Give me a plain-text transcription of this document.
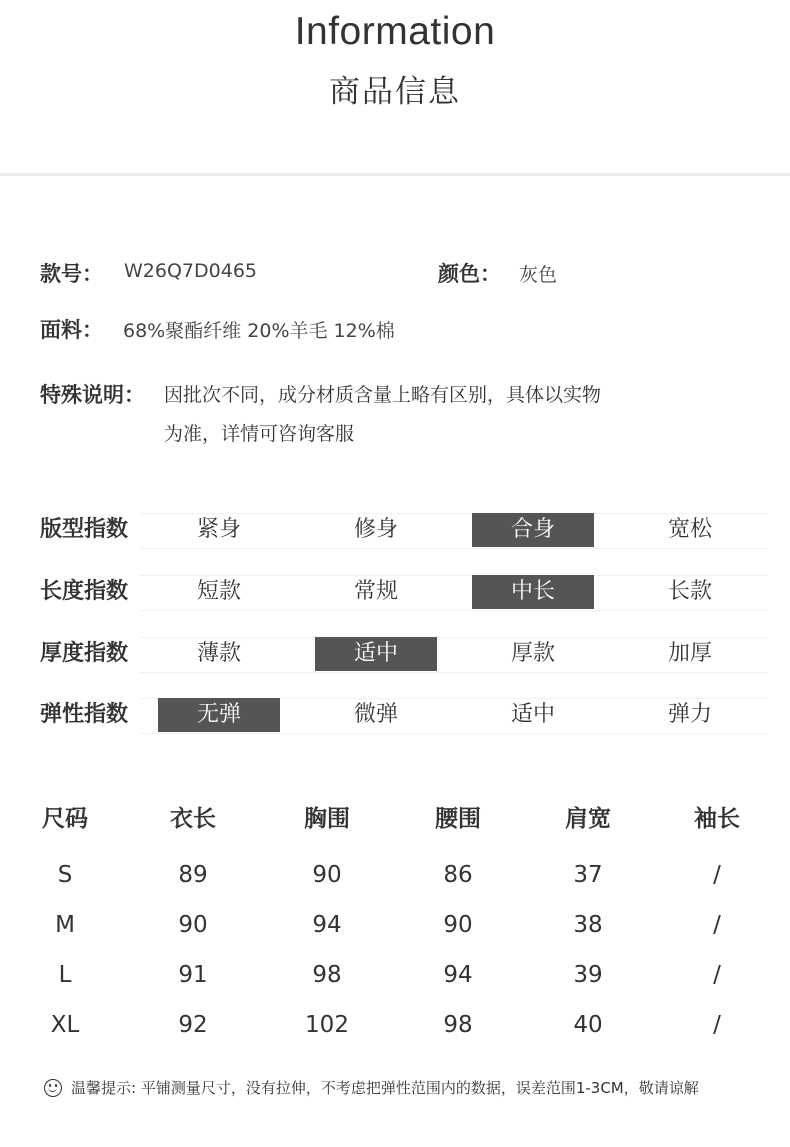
Information
商品信息
款号： W26Q7D0465	颜色： 灰色
面料： 68%聚酯纤维 20%羊毛 12%棉
特殊说明： 因批次不同，成分材质含量上略有区别，具体以实物
为准，详情可咨询客服
版型指数	紧身	修身	合身	宽松
长度指数	短款	常规	中长	长款
厚度指数	薄款	适中	厚款	加厚
弹性指数	无弹	微弹	适中	弹力
尺码	衣长	胸围	腰围	肩宽	袖长
S	89	90	86	37	/
M	90	94	90	38	/
L	91	98	94	39	/
XL	92	102	98	40	/
温馨提示: 平铺测量尺寸，没有拉伸，不考虑把弹性范围内的数据，误差范围1-3CM，敬请谅解
